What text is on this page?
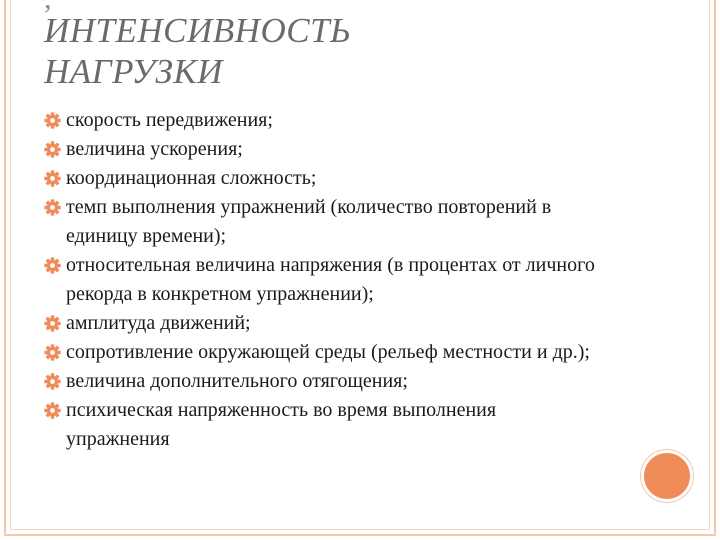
ИНТЕНСИВНОСТЬ
НАГРУЗКИ
скорость передвижения;
величина ускорения;
координационная сложность;
темп выполнения упражнений (количество повторений в единицу времени);
относительная величина напряжения (в процентах от личного рекорда в конкретном упражнении);
амплитуда движений;
сопротивление окружающей среды (рельеф местности и др.);
величина дополнительного отягощения;
психическая напряженность во время выполнения упражнения
